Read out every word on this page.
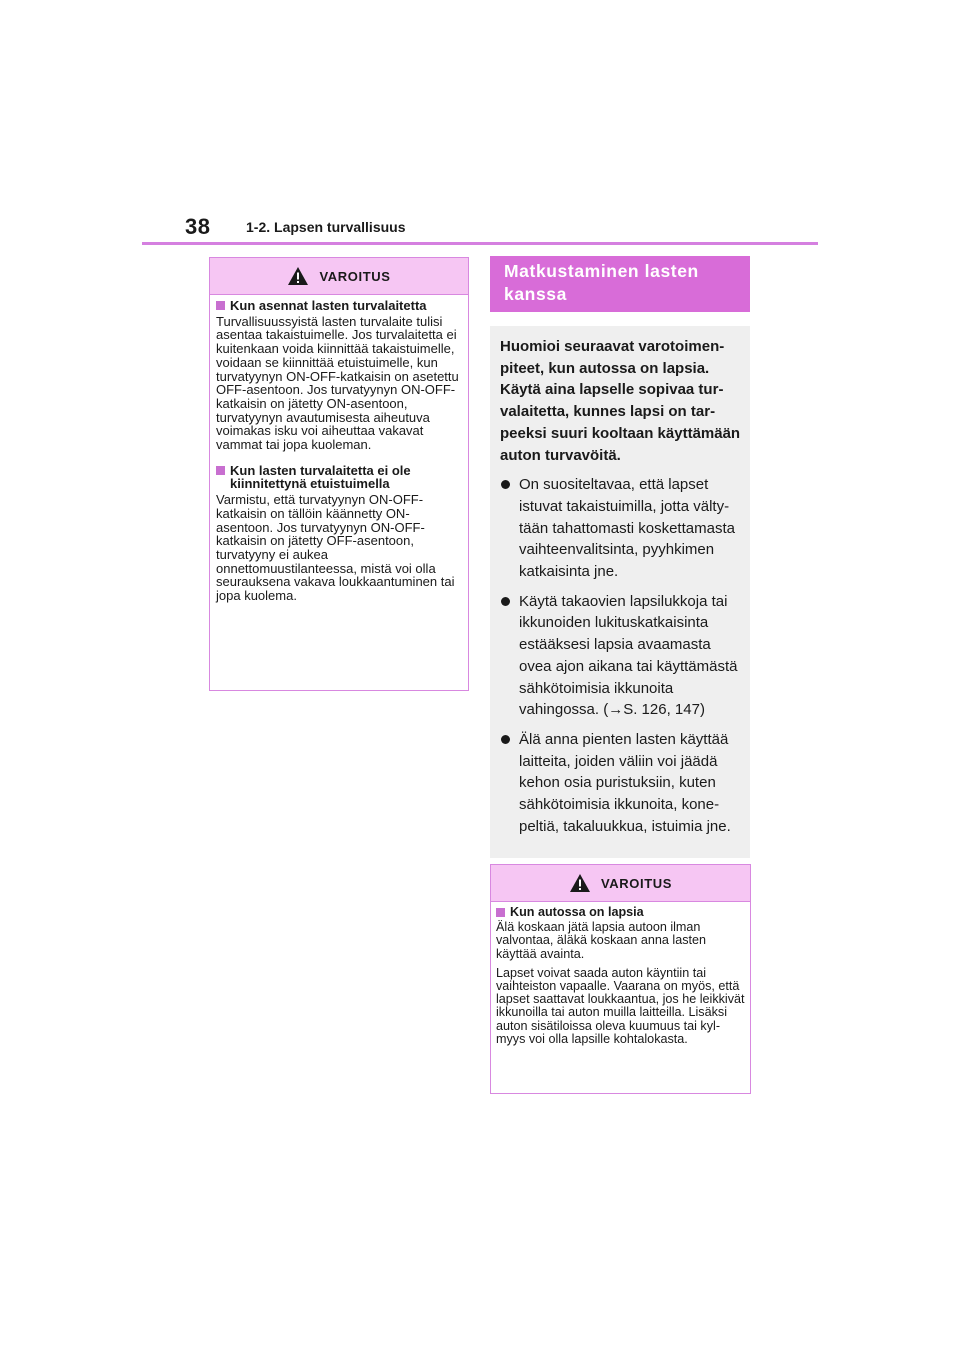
38	1-2. Lapsen turvallisuus
VAROITUS

Kun asennat lasten turvalaitetta

Turvallisuussyistä lasten turvalaite tulisi asentaa takaistuimelle. Jos turvalaitetta ei kuitenkaan voida kiinnittää takaistuimelle, voidaan se kiinnittää etuistuimelle, kun turvatyynyn ON-OFF-katkaisin on asetettu OFF-asentoon. Jos turvatyynyn ON-OFF-katkaisin on jätetty ON-asentoon, turvatyynyn avautumisesta aiheutuva voimakas isku voi aiheuttaa vakavat vammat tai jopa kuoleman.

Kun lasten turvalaitetta ei ole kiinnitettynä etuistuimella

Varmistu, että turvatyynyn ON-OFF-katkaisin on tällöin käännetty ON-asentoon. Jos turvatyynyn ON-OFF-katkaisin on jätetty OFF-asentoon, turvatyyny ei aukea onnettomuustilanteessa, mistä voi olla seurauksena vakava loukkaantuminen tai jopa kuolema.

Matkustaminen lasten kanssa

Huomioi seuraavat varotoimenpiteet, kun autossa on lapsia. Käytä aina lapselle sopivaa turvalaitetta, kunnes lapsi on tarpeeksi suuri kooltaan käyttämään auton turvavöitä.

On suositeltavaa, että lapset istuvat takaistuimilla, jotta vältytään tahattomasti koskettamasta vaihteenvalitsinta, pyyhkimen katkaisinta jne.
Käytä takaovien lapsilukkoja tai ikkunoiden lukituskatkaisinta estääksesi lapsia avaamasta ovea ajon aikana tai käyttämästä sähkötoimisia ikkunoita vahingossa. (→S. 126, 147)
Älä anna pienten lasten käyttää laitteita, joiden väliin voi jäädä kehon osia puristuksiin, kuten sähkötoimisia ikkunoita, konepeltiä, takaluukkua, istuimia jne.
VAROITUS

Kun autossa on lapsia

Älä koskaan jätä lapsia autoon ilman valvontaa, äläkä koskaan anna lasten käyttää avainta.

Lapset voivat saada auton käyntiin tai vaihteiston vapaalle. Vaarana on myös, että lapset saattavat loukkaantua, jos he leikkivät ikkunoilla tai auton muilla laitteilla. Lisäksi auton sisätiloissa oleva kuumuus tai kylmyys voi olla lapsille kohtalokasta.
